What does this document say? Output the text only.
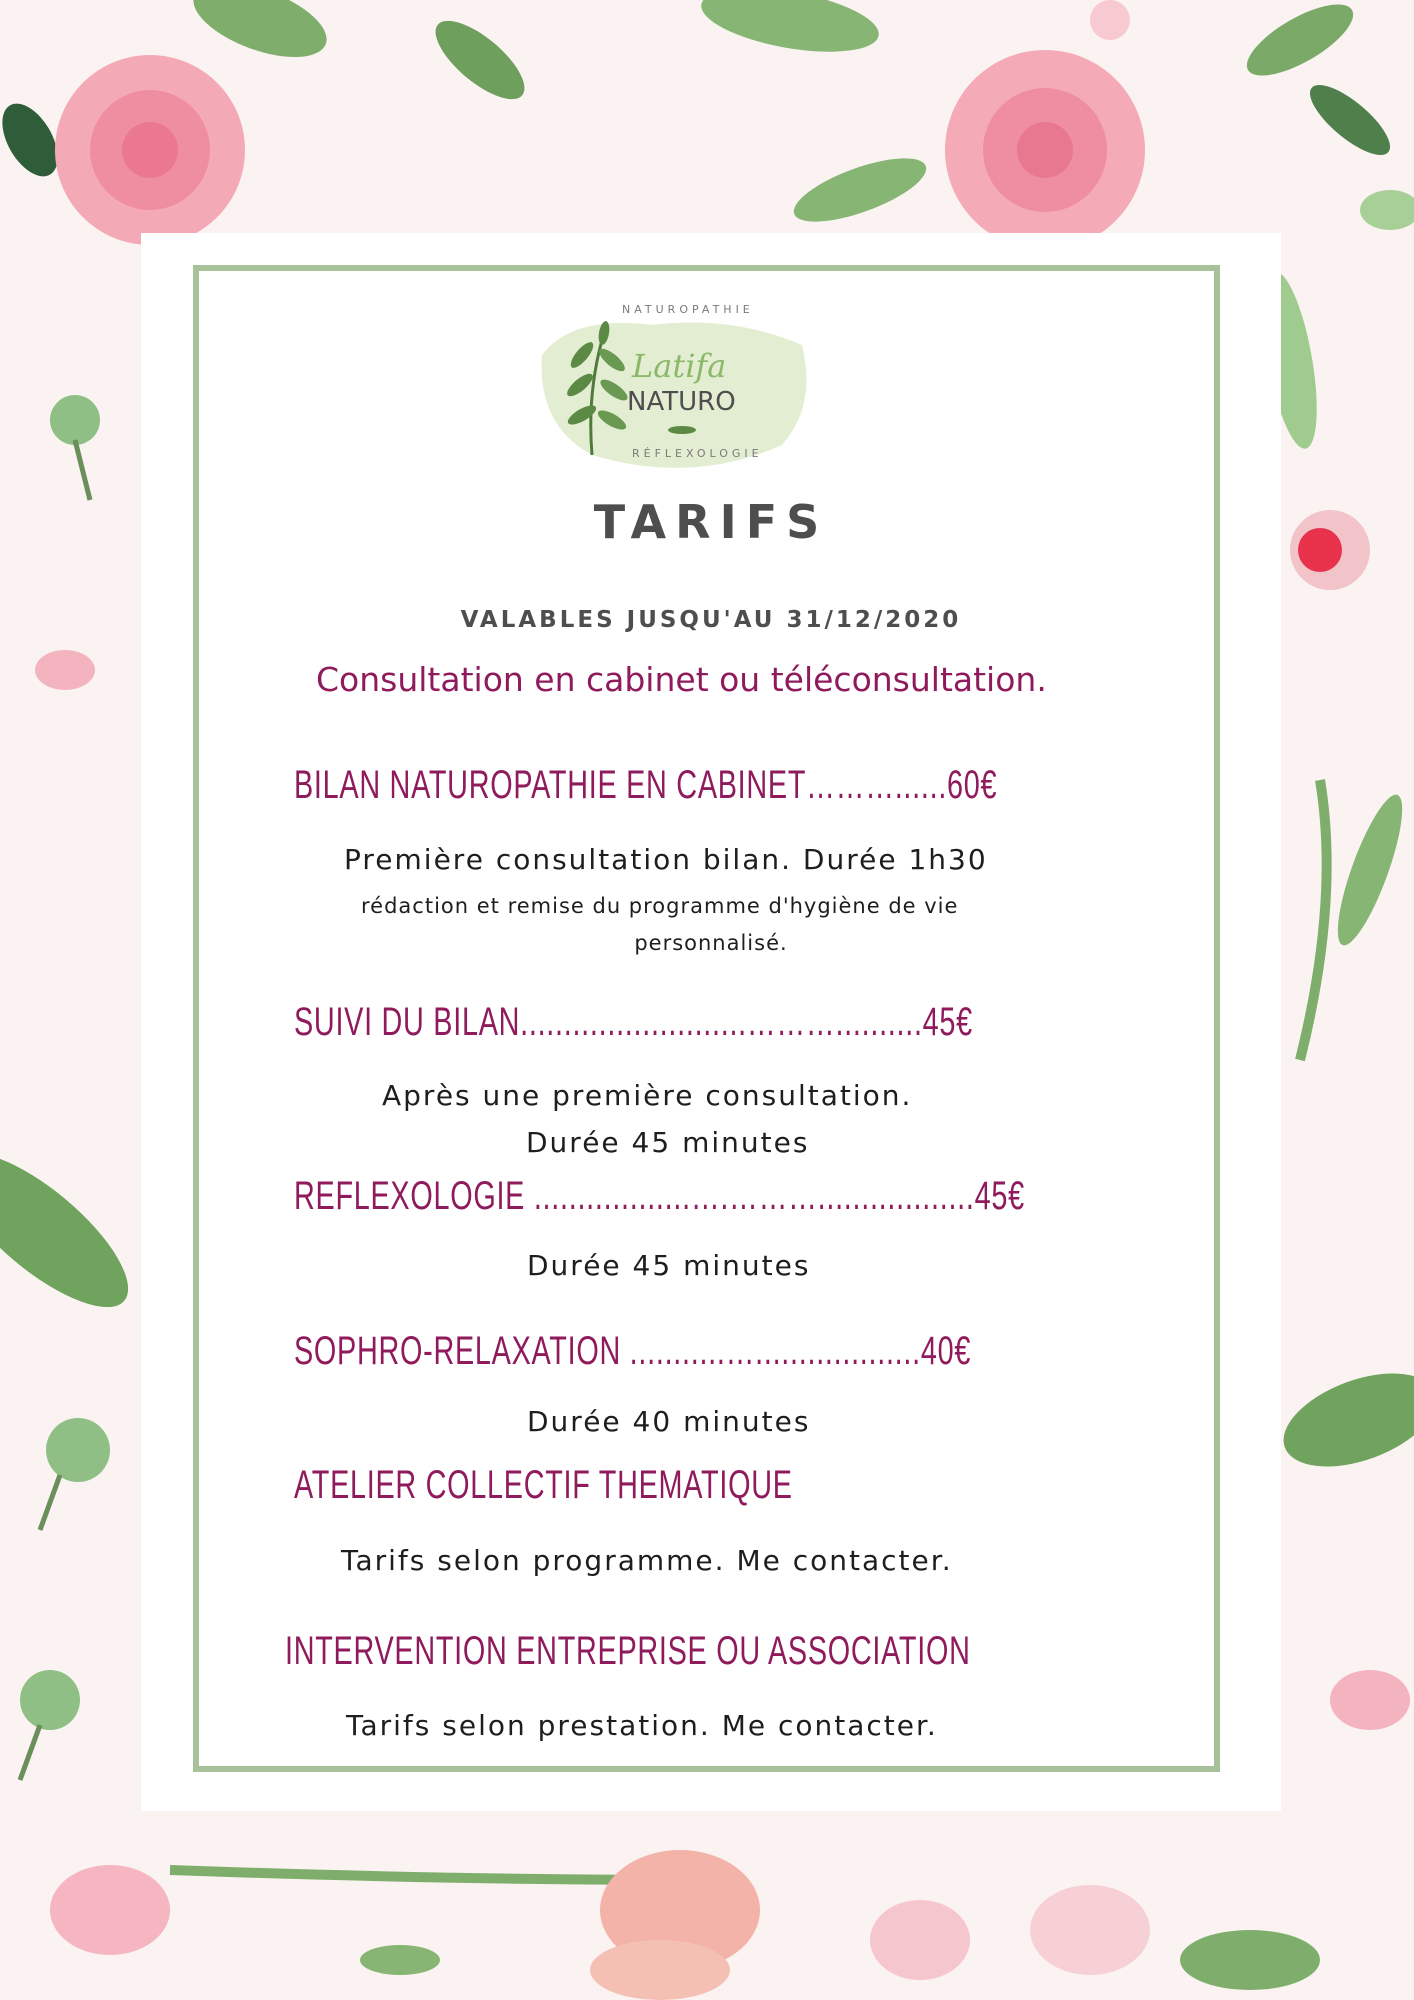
Latifa
NATURO
NATUROPATHIE
RÉFLEXOLOGIE
TARIFS
VALABLES JUSQU'AU 31/12/2020
Consultation en cabinet ou téléconsultation.
BILAN NATUROPATHIE EN CABINET………......60€
Première consultation bilan. Durée 1h30
rédaction et remise du programme d'hygiène de vie
personnalisé.
SUIVI DU BILAN..........................………..........45€
Après une première consultation.
Durée 45 minutes
REFLEXOLOGIE ..................….………..................45€
Durée 45 minutes
SOPHRO-RELAXATION ...........…...................40€
Durée 40 minutes
ATELIER COLLECTIF THEMATIQUE
Tarifs selon programme. Me contacter.
INTERVENTION ENTREPRISE OU ASSOCIATION
Tarifs selon prestation. Me contacter.
